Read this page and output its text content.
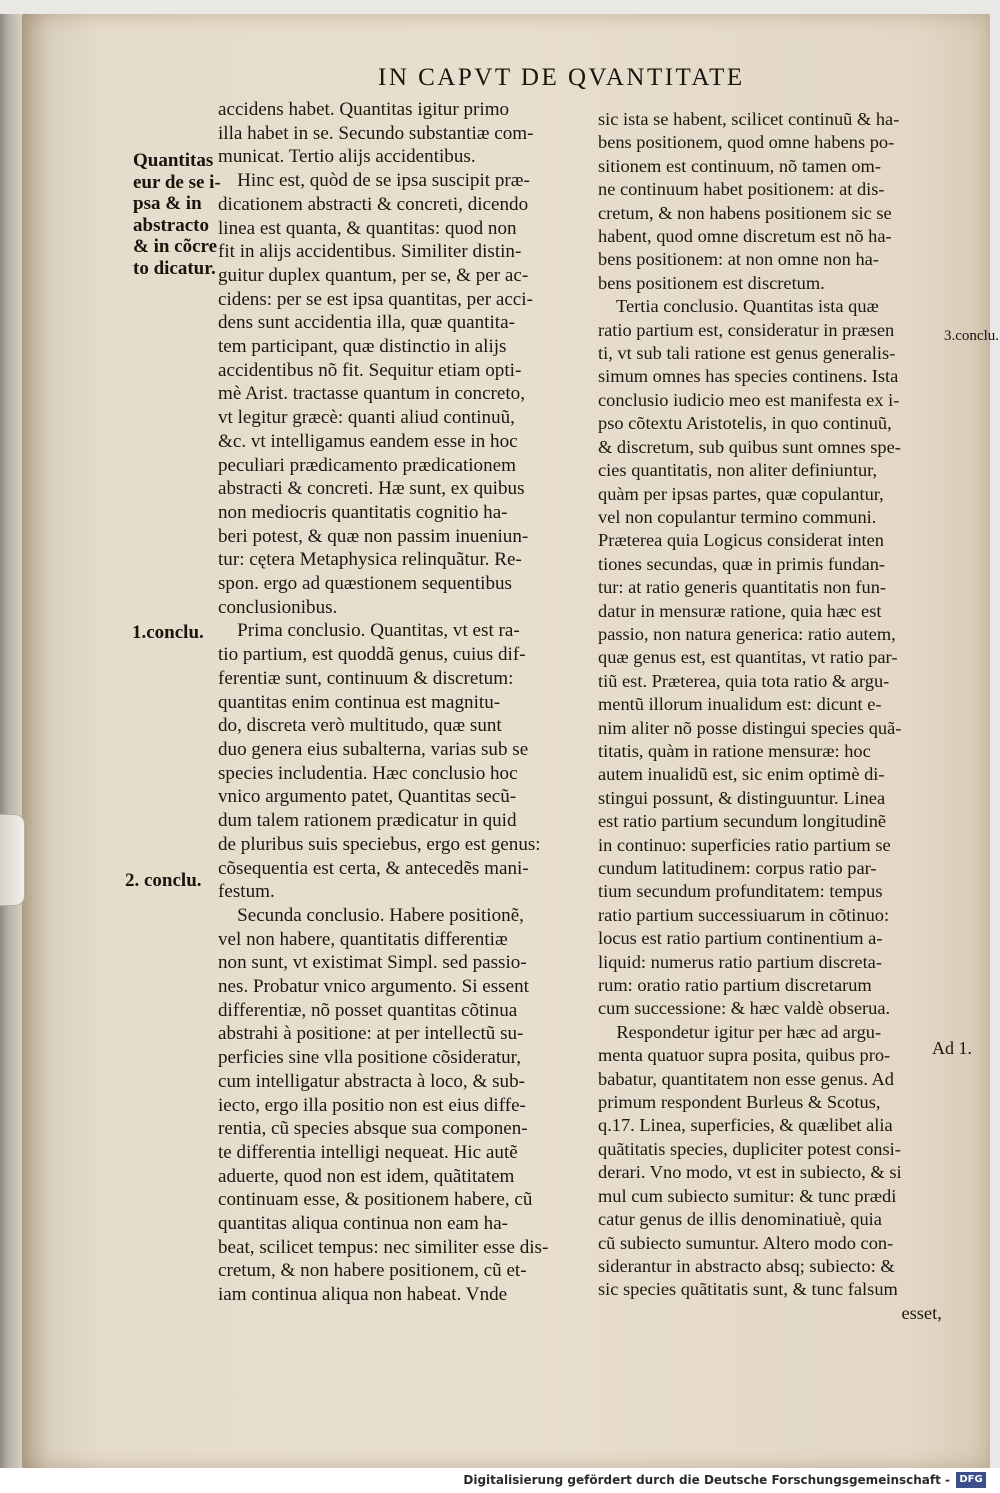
IN CAPVT DE QVANTITATE
accidens habet. Quantitas igitur primo
illa habet in se. Secundo substantiæ com-
municat. Tertio alijs accidentibus.
Hinc est, quòd de se ipsa suscipit præ-
dicationem abstracti & concreti, dicendo
linea est quanta, & quantitas: quod non
fit in alijs accidentibus. Similiter distin-
guitur duplex quantum, per se, & per ac-
cidens: per se est ipsa quantitas, per acci-
dens sunt accidentia illa, quæ quantita-
tem participant, quæ distinctio in alijs
accidentibus nõ fit. Sequitur etiam opti-
mè Arist. tractasse quantum in concreto,
vt legitur græcè: quanti aliud continuũ,
&c. vt intelligamus eandem esse in hoc
peculiari prædicamento prædicationem
abstracti & concreti. Hæ sunt, ex quibus
non mediocris quantitatis cognitio ha-
beri potest, & quæ non passim inueniun-
tur: cętera Metaphysica relinquãtur. Re-
spon. ergo ad quæstionem sequentibus
conclusionibus.
Prima conclusio. Quantitas, vt est ra-
tio partium, est quoddã genus, cuius dif-
ferentiæ sunt, continuum & discretum:
quantitas enim continua est magnitu-
do, discreta verò multitudo, quæ sunt
duo genera eius subalterna, varias sub se
species includentia. Hæc conclusio hoc
vnico argumento patet, Quantitas secũ-
dum talem rationem prædicatur in quid
de pluribus suis speciebus, ergo est genus:
cõsequentia est certa, & antecedẽs mani-
festum.
Secunda conclusio. Habere positionẽ,
vel non habere, quantitatis differentiæ
non sunt, vt existimat Simpl. sed passio-
nes. Probatur vnico argumento. Si essent
differentiæ, nõ posset quantitas cõtinua
abstrahi à positione: at per intellectũ su-
perficies sine vlla positione cõsideratur,
cum intelligatur abstracta à loco, & sub-
iecto, ergo illa positio non est eius diffe-
rentia, cũ species absque sua componen-
te differentia intelligi nequeat. Hic autẽ
aduerte, quod non est idem, quãtitatem
continuam esse, & positionem habere, cũ
quantitas aliqua continua non eam ha-
beat, scilicet tempus: nec similiter esse dis-
cretum, & non habere positionem, cũ et-
iam continua aliqua non habeat. Vnde
sic ista se habent, scilicet continuũ & ha-
bens positionem, quod omne habens po-
sitionem est continuum, nõ tamen om-
ne continuum habet positionem: at dis-
cretum, & non habens positionem sic se
habent, quod omne discretum est nõ ha-
bens positionem: at non omne non ha-
bens positionem est discretum.
Tertia conclusio. Quantitas ista quæ
ratio partium est, consideratur in præsen
ti, vt sub tali ratione est genus generalis-
simum omnes has species continens. Ista
conclusio iudicio meo est manifesta ex i-
pso cõtextu Aristotelis, in quo continuũ,
& discretum, sub quibus sunt omnes spe-
cies quantitatis, non aliter definiuntur,
quàm per ipsas partes, quæ copulantur,
vel non copulantur termino communi.
Præterea quia Logicus considerat inten
tiones secundas, quæ in primis fundan-
tur: at ratio generis quantitatis non fun-
datur in mensuræ ratione, quia hæc est
passio, non natura generica: ratio autem,
quæ genus est, est quantitas, vt ratio par-
tiũ est. Præterea, quia tota ratio & argu-
mentũ illorum inualidum est: dicunt e-
nim aliter nõ posse distingui species quã-
titatis, quàm in ratione mensuræ: hoc
autem inualidũ est, sic enim optimè di-
stingui possunt, & distinguuntur. Linea
est ratio partium secundum longitudinẽ
in continuo: superficies ratio partium se
cundum latitudinem: corpus ratio par-
tium secundum profunditatem: tempus
ratio partium successiuarum in cõtinuo:
locus est ratio partium continentium a-
liquid: numerus ratio partium discreta-
rum: oratio ratio partium discretarum
cum successione: & hæc valdè obserua.
Respondetur igitur per hæc ad argu-
menta quatuor supra posita, quibus pro-
babatur, quantitatem non esse genus. Ad
primum respondent Burleus & Scotus,
q.17. Linea, superficies, & quælibet alia
quãtitatis species, dupliciter potest consi-
derari. Vno modo, vt est in subiecto, & si
mul cum subiecto sumitur: & tunc prædi
catur genus de illis denominatiuè, quia
cũ subiecto sumuntur. Altero modo con-
siderantur in abstracto absq; subiecto: &
sic species quãtitatis sunt, & tunc falsum
esset,
Quantitas
eur de se i-
psa & in
abstracto
& in cõcre
to dicatur.
1.conclu.
2. conclu.
3.conclu.
Ad 1.
Digitalisierung gefördert durch die Deutsche Forschungsgemeinschaft - DFG
